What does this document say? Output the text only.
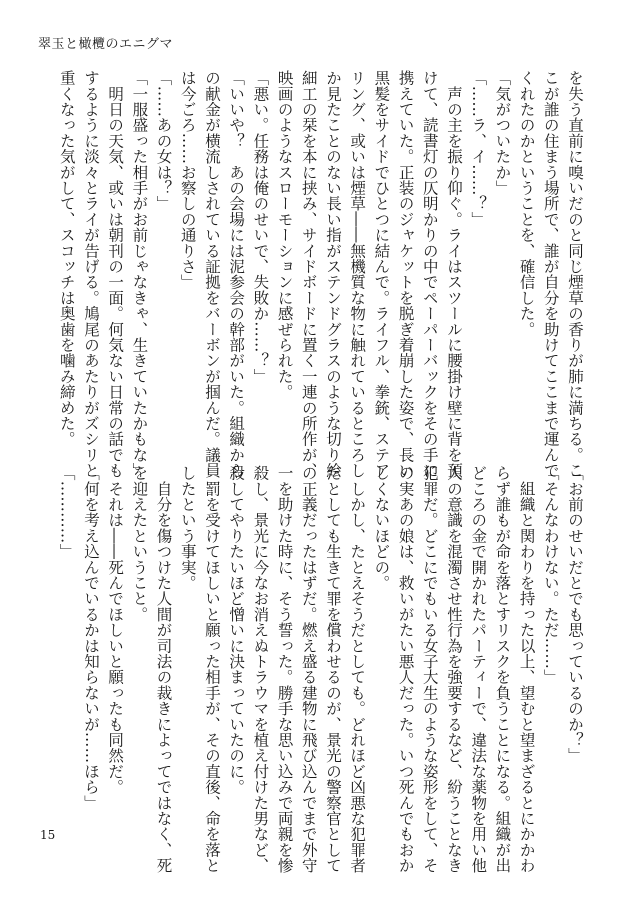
翠玉と橄欖のエニグマ
を失う直前に嗅いだのと同じ煙草の香りが肺に満ちる。こ
こが誰の住まう場所で、誰が自分を助けてここまで運んで
くれたのかということを、確信した。
「気がついたか」
「……ラ、イ……？」
　声の主を振り仰ぐ。ライはスツールに腰掛け壁に背を預
けて、読書灯の仄明かりの中でペーパーバックをその手に
携えていた。正装のジャケットを脱ぎ着崩した姿で、長い
黒髪をサイドでひとつに結んで。ライフル、拳銃、ステア
リング、或いは煙草――無機質な物に触れているところし
か見たことのない長い指がステンドグラスのような切り絵
細工の栞を本に挟み、サイドボードに置く一連の所作が、
映画のようなスローモーションに感ぜられた。
「悪い。任務は俺のせいで、失敗か……？」
「いいや？　あの会場には泥参会の幹部がいた。組織から
の献金が横流しされている証拠をバーボンが掴んだ。議員
は今ごろ……お察しの通りさ」
「……あの女は？」
「一服盛った相手がお前じゃなきゃ、生きていたかもな」
　明日の天気、或いは朝刊の一面。何気ない日常の話でも
するように淡々とライが告げる。鳩尾のあたりがズシリと
重くなった気がして、スコッチは奥歯を噛み締めた。
「お前のせいだとでも思っているのか？」
「そんなわけない。ただ……」
　組織と関わりを持った以上、望むと望まざるとにかかわ
らず誰もが命を落とすリスクを負うことになる。組織が出
どころの金で開かれたパーティーで、違法な薬物を用い他
人の意識を混濁させ性行為を強要するなど、紛うことなき
犯罪だ。どこにでもいる女子大生のような姿形をして、そ
の実あの娘は、救いがたい悪人だった。いつ死んでもおか
しくないほどの。
　しかし、たとえそうだとしても。どれほど凶悪な犯罪者
だとしても生きて罪を償わせるのが、景光の警察官として
の正義だったはずだ。燃え盛る建物に飛び込んでまで外守
一を助けた時に、そう誓った。勝手な思い込みで両親を惨
殺し、景光に今なお消えぬトラウマを植え付けた男など、
殺してやりたいほど憎いに決まっていたのに。
　罰を受けてほしいと願った相手が、その直後、命を落と
したという事実。
　自分を傷つけた人間が司法の裁きによってではなく、死
を迎えたということ。
　それは――死んでほしいと願ったも同然だ。
「何を考え込んでいるかは知らないが……ほら」
「…………」
15
